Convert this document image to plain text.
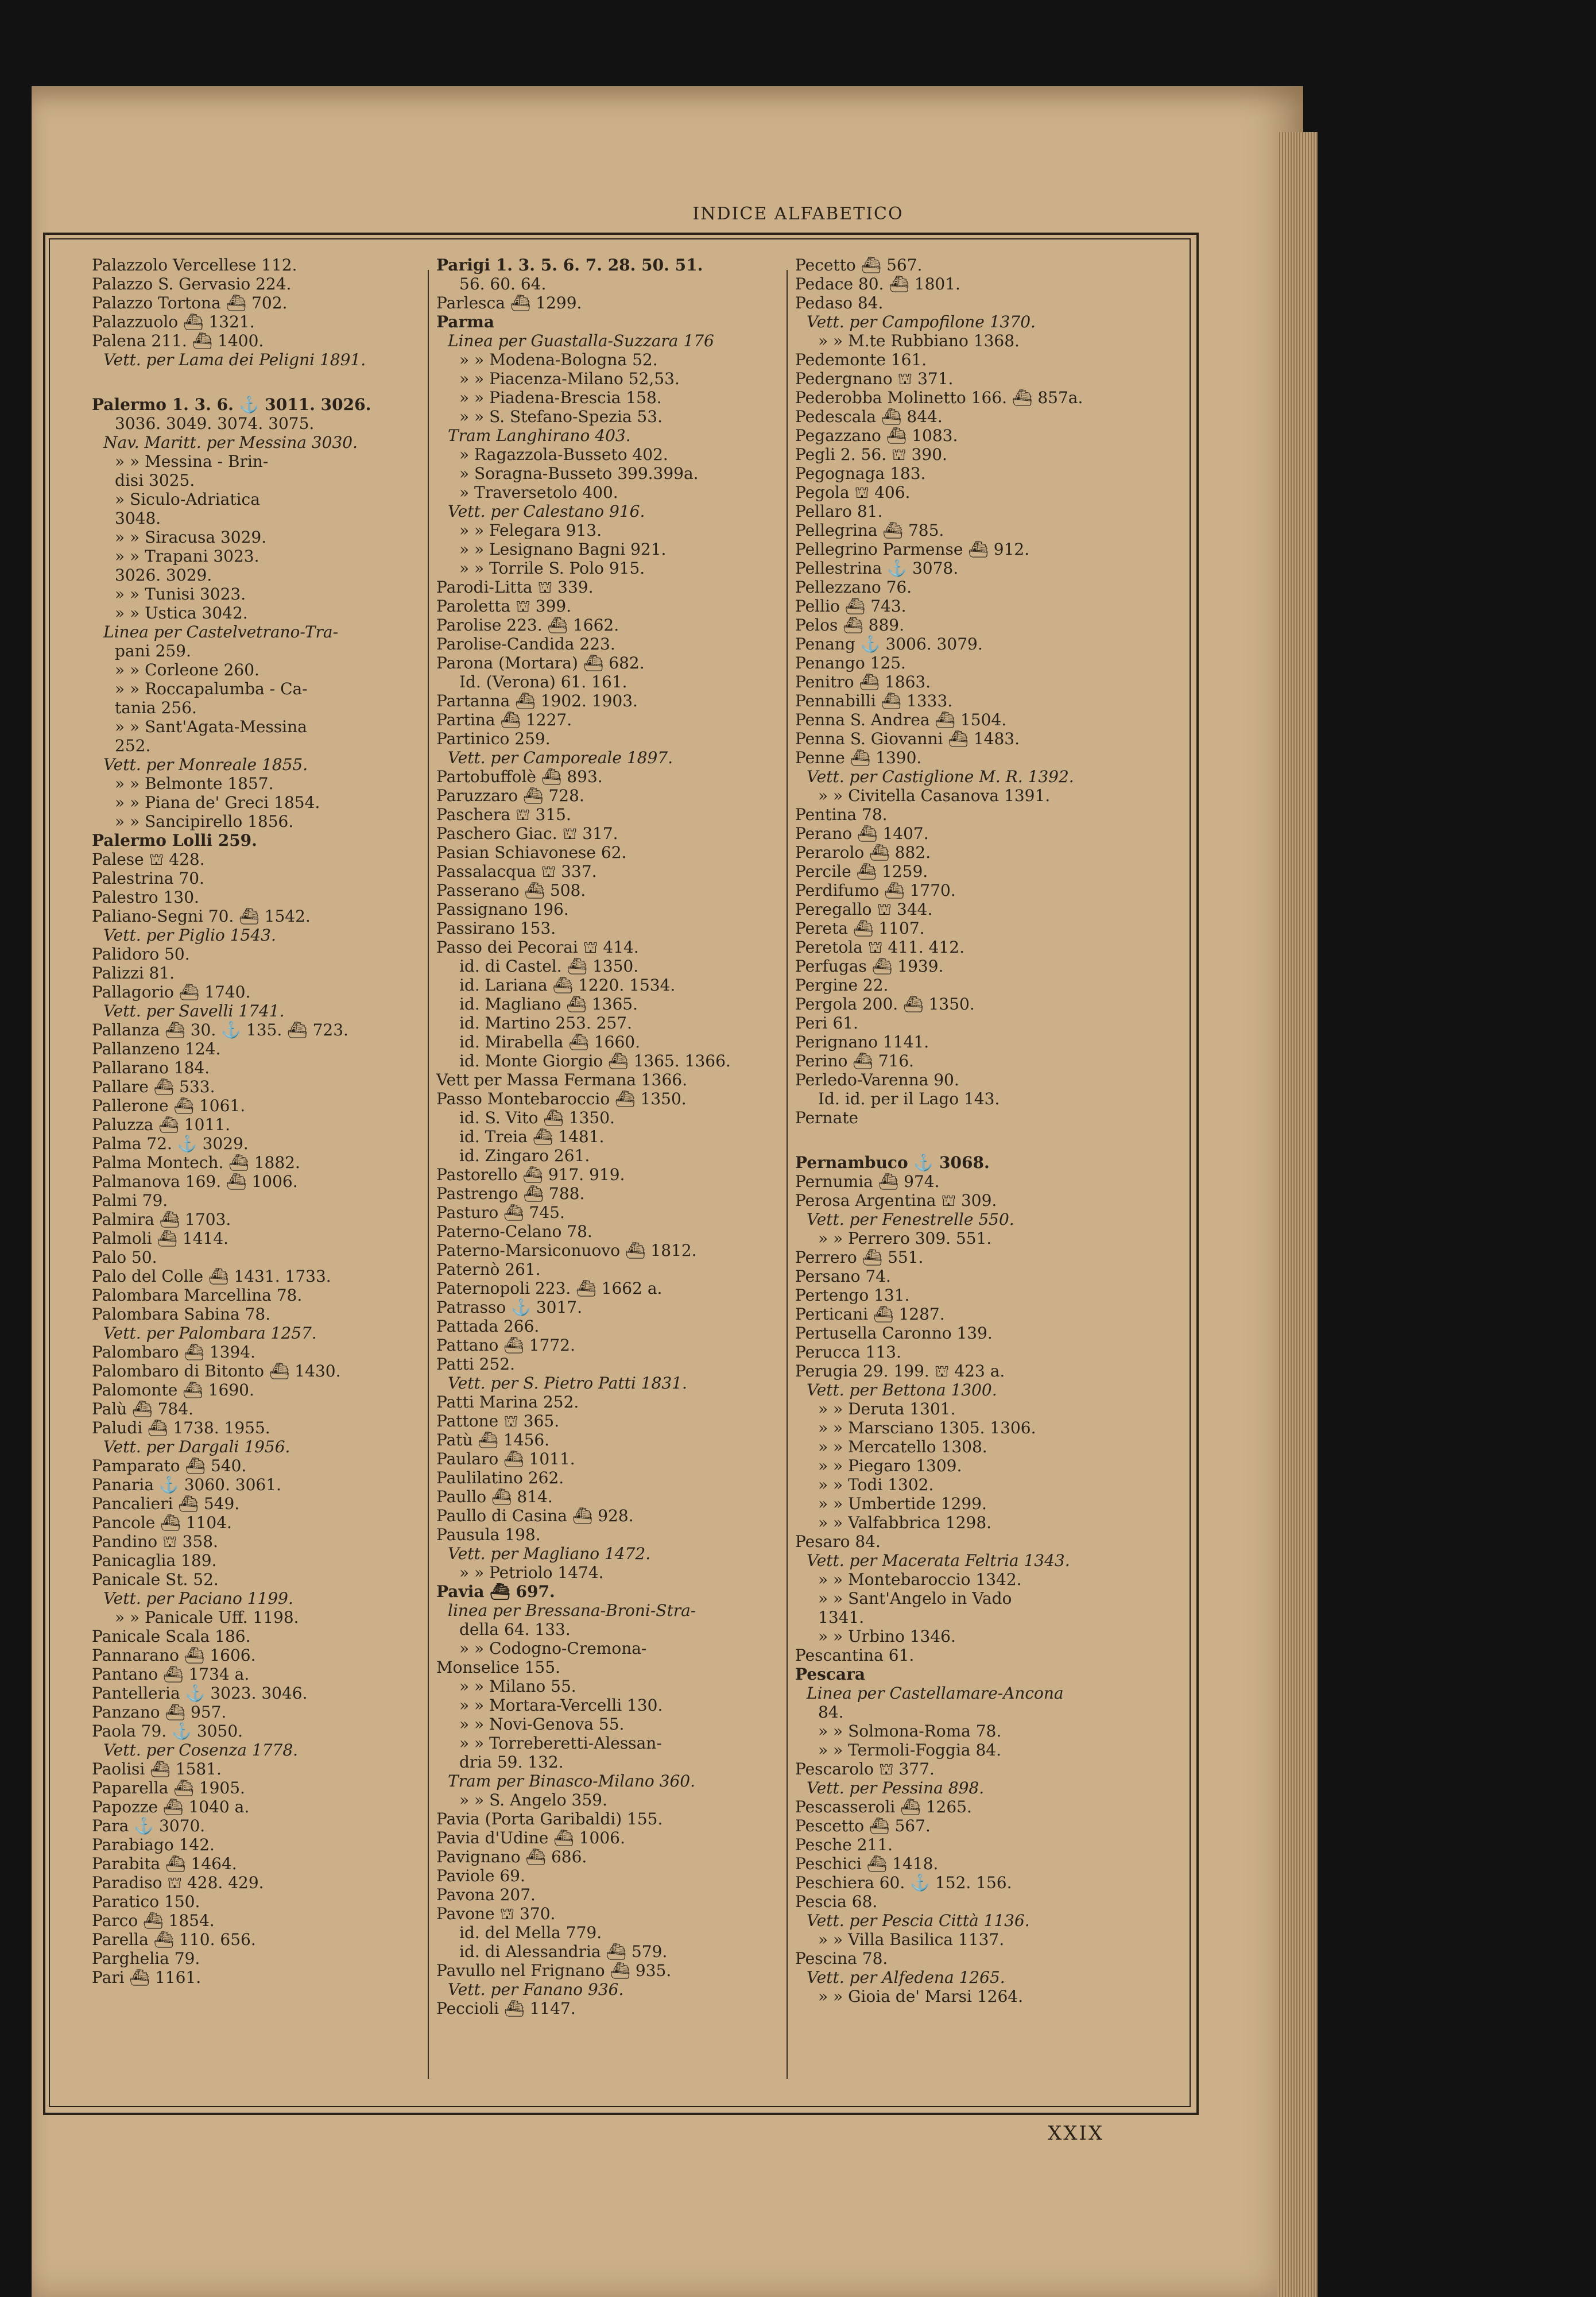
INDICE ALFABETICO
Palazzolo Vercellese 112.
Palazzo S. Gervasio 224.
Palazzo Tortona ⛴ 702.
Palazzuolo ⛴ 1321.
Palena 211. ⛴ 1400.
Vett. per Lama dei Peligni 1891.
Palermo 1. 3. 6. ⚓ 3011. 3026.
3036. 3049. 3074. 3075.
Nav. Maritt. per Messina 3030.
» » Messina - Brin-
disi 3025.
» Siculo-Adriatica
3048.
» » Siracusa 3029.
» » Trapani 3023.
3026. 3029.
» » Tunisi 3023.
» » Ustica 3042.
Linea per Castelvetrano-Tra-
pani 259.
» » Corleone 260.
» » Roccapalumba - Ca-
tania 256.
» » Sant'Agata-Messina
252.
Vett. per Monreale 1855.
» » Belmonte 1857.
» » Piana de' Greci 1854.
» » Sancipirello 1856.
Palermo Lolli 259.
Palese ⛫ 428.
Palestrina 70.
Palestro 130.
Paliano-Segni 70. ⛴ 1542.
Vett. per Piglio 1543.
Palidoro 50.
Palizzi 81.
Pallagorio ⛴ 1740.
Vett. per Savelli 1741.
Pallanza ⛴ 30. ⚓ 135. ⛴ 723.
Pallanzeno 124.
Pallarano 184.
Pallare ⛴ 533.
Pallerone ⛴ 1061.
Paluzza ⛴ 1011.
Palma 72. ⚓ 3029.
Palma Montech. ⛴ 1882.
Palmanova 169. ⛴ 1006.
Palmi 79.
Palmira ⛴ 1703.
Palmoli ⛴ 1414.
Palo 50.
Palo del Colle ⛴ 1431. 1733.
Palombara Marcellina 78.
Palombara Sabina 78.
Vett. per Palombara 1257.
Palombaro ⛴ 1394.
Palombaro di Bitonto ⛴ 1430.
Palomonte ⛴ 1690.
Palù ⛴ 784.
Paludi ⛴ 1738. 1955.
Vett. per Dargali 1956.
Pamparato ⛴ 540.
Panaria ⚓ 3060. 3061.
Pancalieri ⛴ 549.
Pancole ⛴ 1104.
Pandino ⛫ 358.
Panicaglia 189.
Panicale St. 52.
Vett. per Paciano 1199.
» » Panicale Uff. 1198.
Panicale Scala 186.
Pannarano ⛴ 1606.
Pantano ⛴ 1734 a.
Pantelleria ⚓ 3023. 3046.
Panzano ⛴ 957.
Paola 79. ⚓ 3050.
Vett. per Cosenza 1778.
Paolisi ⛴ 1581.
Paparella ⛴ 1905.
Papozze ⛴ 1040 a.
Para ⚓ 3070.
Parabiago 142.
Parabita ⛴ 1464.
Paradiso ⛫ 428. 429.
Paratico 150.
Parco ⛴ 1854.
Parella ⛴ 110. 656.
Parghelia 79.
Pari ⛴ 1161.
Parigi 1. 3. 5. 6. 7. 28. 50. 51.
56. 60. 64.
Parlesca ⛴ 1299.
Parma
Linea per Guastalla-Suzzara 176
» » Modena-Bologna 52.
» » Piacenza-Milano 52,53.
» » Piadena-Brescia 158.
» » S. Stefano-Spezia 53.
Tram Langhirano 403.
» Ragazzola-Busseto 402.
» Soragna-Busseto 399.399a.
» Traversetolo 400.
Vett. per Calestano 916.
» » Felegara 913.
» » Lesignano Bagni 921.
» » Torrile S. Polo 915.
Parodi-Litta ⛫ 339.
Paroletta ⛫ 399.
Parolise 223. ⛴ 1662.
Parolise-Candida 223.
Parona (Mortara) ⛴ 682.
Id. (Verona) 61. 161.
Partanna ⛴ 1902. 1903.
Partina ⛴ 1227.
Partinico 259.
Vett. per Camporeale 1897.
Partobuffolè ⛴ 893.
Paruzzaro ⛴ 728.
Paschera ⛫ 315.
Paschero Giac. ⛫ 317.
Pasian Schiavonese 62.
Passalacqua ⛫ 337.
Passerano ⛴ 508.
Passignano 196.
Passirano 153.
Passo dei Pecorai ⛫ 414.
id. di Castel. ⛴ 1350.
id. Lariana ⛴ 1220. 1534.
id. Magliano ⛴ 1365.
id. Martino 253. 257.
id. Mirabella ⛴ 1660.
id. Monte Giorgio ⛴ 1365. 1366.
Vett per Massa Fermana 1366.
Passo Montebaroccio ⛴ 1350.
id. S. Vito ⛴ 1350.
id. Treia ⛴ 1481.
id. Zingaro 261.
Pastorello ⛴ 917. 919.
Pastrengo ⛴ 788.
Pasturo ⛴ 745.
Paterno-Celano 78.
Paterno-Marsiconuovo ⛴ 1812.
Paternò 261.
Paternopoli 223. ⛴ 1662 a.
Patrasso ⚓ 3017.
Pattada 266.
Pattano ⛴ 1772.
Patti 252.
Vett. per S. Pietro Patti 1831.
Patti Marina 252.
Pattone ⛫ 365.
Patù ⛴ 1456.
Paularo ⛴ 1011.
Paulilatino 262.
Paullo ⛴ 814.
Paullo di Casina ⛴ 928.
Pausula 198.
Vett. per Magliano 1472.
» » Petriolo 1474.
Pavia ⛴ 697.
linea per Bressana-Broni-Stra-
della 64. 133.
» » Codogno-Cremona-
Monselice 155.
» » Milano 55.
» » Mortara-Vercelli 130.
» » Novi-Genova 55.
» » Torreberetti-Alessan-
dria 59. 132.
Tram per Binasco-Milano 360.
» » S. Angelo 359.
Pavia (Porta Garibaldi) 155.
Pavia d'Udine ⛴ 1006.
Pavignano ⛴ 686.
Paviole 69.
Pavona 207.
Pavone ⛫ 370.
id. del Mella 779.
id. di Alessandria ⛴ 579.
Pavullo nel Frignano ⛴ 935.
Vett. per Fanano 936.
Peccioli ⛴ 1147.
Pecetto ⛴ 567.
Pedace 80. ⛴ 1801.
Pedaso 84.
Vett. per Campofilone 1370.
» » M.te Rubbiano 1368.
Pedemonte 161.
Pedergnano ⛫ 371.
Pederobba Molinetto 166. ⛴ 857a.
Pedescala ⛴ 844.
Pegazzano ⛴ 1083.
Pegli 2. 56. ⛫ 390.
Pegognaga 183.
Pegola ⛫ 406.
Pellaro 81.
Pellegrina ⛴ 785.
Pellegrino Parmense ⛴ 912.
Pellestrina ⚓ 3078.
Pellezzano 76.
Pellio ⛴ 743.
Pelos ⛴ 889.
Penang ⚓ 3006. 3079.
Penango 125.
Penitro ⛴ 1863.
Pennabilli ⛴ 1333.
Penna S. Andrea ⛴ 1504.
Penna S. Giovanni ⛴ 1483.
Penne ⛴ 1390.
Vett. per Castiglione M. R. 1392.
» » Civitella Casanova 1391.
Pentina 78.
Perano ⛴ 1407.
Perarolo ⛴ 882.
Percile ⛴ 1259.
Perdifumo ⛴ 1770.
Peregallo ⛫ 344.
Pereta ⛴ 1107.
Peretola ⛫ 411. 412.
Perfugas ⛴ 1939.
Pergine 22.
Pergola 200. ⛴ 1350.
Peri 61.
Perignano 1141.
Perino ⛴ 716.
Perledo-Varenna 90.
Id. id. per il Lago 143.
Pernate
Pernambuco ⚓ 3068.
Pernumia ⛴ 974.
Perosa Argentina ⛫ 309.
Vett. per Fenestrelle 550.
» » Perrero 309. 551.
Perrero ⛴ 551.
Persano 74.
Pertengo 131.
Perticani ⛴ 1287.
Pertusella Caronno 139.
Perucca 113.
Perugia 29. 199. ⛫ 423 a.
Vett. per Bettona 1300.
» » Deruta 1301.
» » Marsciano 1305. 1306.
» » Mercatello 1308.
» » Piegaro 1309.
» » Todi 1302.
» » Umbertide 1299.
» » Valfabbrica 1298.
Pesaro 84.
Vett. per Macerata Feltria 1343.
» » Montebaroccio 1342.
» » Sant'Angelo in Vado
1341.
» » Urbino 1346.
Pescantina 61.
Pescara
Linea per Castellamare-Ancona
84.
» » Solmona-Roma 78.
» » Termoli-Foggia 84.
Pescarolo ⛫ 377.
Vett. per Pessina 898.
Pescasseroli ⛴ 1265.
Pescetto ⛴ 567.
Pesche 211.
Peschici ⛴ 1418.
Peschiera 60. ⚓ 152. 156.
Pescia 68.
Vett. per Pescia Città 1136.
» » Villa Basilica 1137.
Pescina 78.
Vett. per Alfedena 1265.
» » Gioia de' Marsi 1264.
XXIX
